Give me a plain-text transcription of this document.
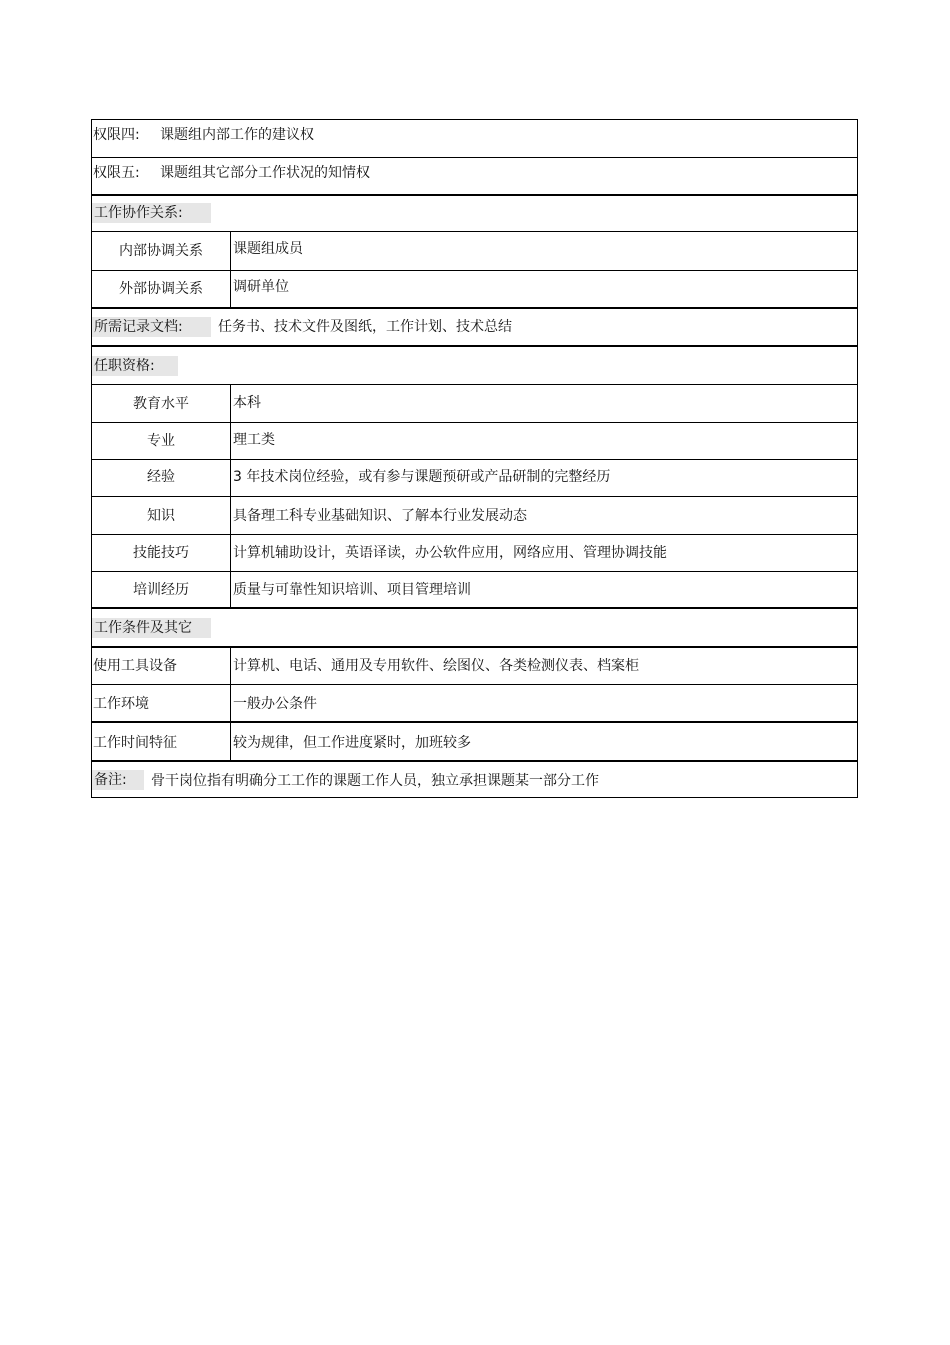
权限四: 课题组内部工作的建议权
权限五: 课题组其它部分工作状况的知情权
工作协作关系:
内部协调关系	课题组成员
外部协调关系	调研单位
所需记录文档:	任务书、技术文件及图纸，工作计划、技术总结
任职资格:
教育水平	本科
专业	理工类
经验	3 年技术岗位经验，或有参与课题预研或产品研制的完整经历
知识	具备理工科专业基础知识、了解本行业发展动态
技能技巧	计算机辅助设计，英语译读，办公软件应用，网络应用、管理协调技能
培训经历	质量与可靠性知识培训、项目管理培训
工作条件及其它
使用工具设备	计算机、电话、通用及专用软件、绘图仪、各类检测仪表、档案柜
工作环境	一般办公条件
工作时间特征	较为规律，但工作进度紧时，加班较多
备注:	骨干岗位指有明确分工工作的课题工作人员，独立承担课题某一部分工作
